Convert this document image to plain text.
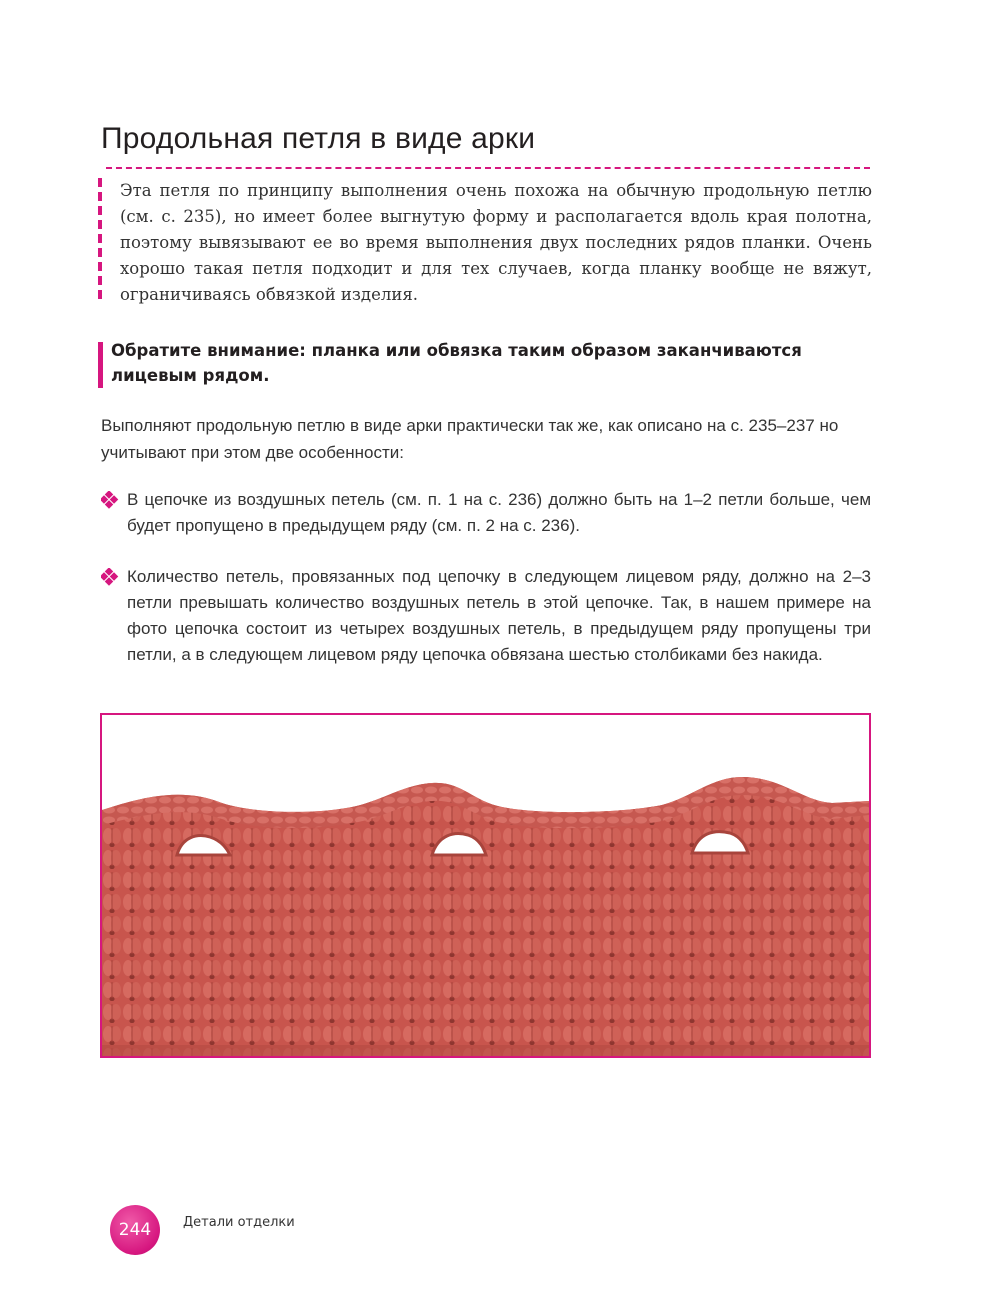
Продольная петля в виде арки
Эта петля по принципу выполнения очень похожа на обычную продольную петлю (см. с. 235), но имеет более выгнутую форму и располагается вдоль края полотна, поэтому вывязывают ее во время выполнения двух последних рядов планки. Очень хорошо такая петля подходит и для тех случаев, когда планку вообще не вяжут, ограничиваясь обвязкой изделия.
Обратите внимание: планка или обвязка таким образом заканчиваются лицевым рядом.
Выполняют продольную петлю в виде арки практически так же, как описано на с. 235–237 но учитывают при этом две особенности:
В цепочке из воздушных петель (см. п. 1 на с. 236) должно быть на 1–2 петли больше, чем будет пропущено в предыдущем ряду (см. п. 2 на с. 236).
Количество петель, провязанных под цепочку в следующем лицевом ряду, должно на 2–3 петли превышать количество воздушных петель в этой цепочке. Так, в нашем примере на фото цепочка состоит из четырех воздушных петель, в предыдущем ряду пропущены три петли, а в следующем лицевом ряду цепочка обвязана шестью столбиками без накида.
244 Детали отделки
